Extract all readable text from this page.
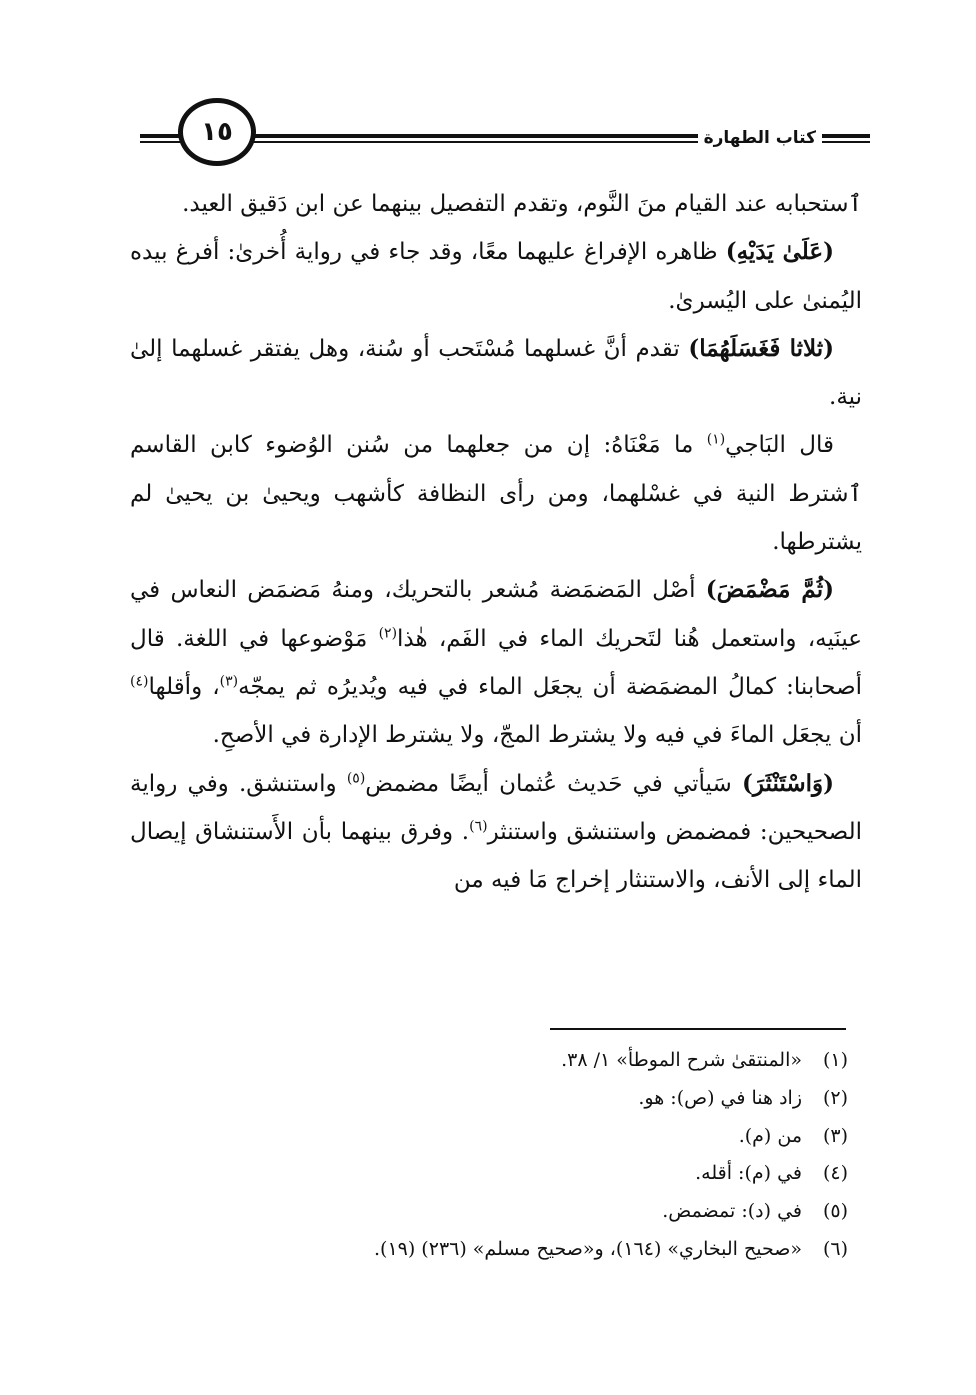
١٥	كتاب الطهارة

ٱستحبابه عند القيام منَ النَّوم، وتقدم التفصيل بينهما عن ابن دَقيق العيد.

(عَلَىٰ يَدَيْهِ) ظاهره الإفراغ عليهما معًا، وقد جاء في رواية أُخرىٰ: أفرغ بيده اليُمنىٰ على اليُسرىٰ.

(ثلاثا فَغَسَلَهُمَا) تقدم أنَّ غسلهما مُسْتَحب أو سُنة، وهل يفتقر غسلهما إلىٰ نية.

قال البَاجي$^{(١)}$ ما مَعْنَاهُ: إن من جعلهما من سُنن الوُضوء كابن القاسم ٱشترط النية في غسْلهما، ومن رأى النظافة كأشهب ويحيىٰ بن يحيىٰ لم يشترطها.

(ثُمَّ مَضْمَضَ) أصْل المَضمَضة مُشعر بالتحريك، ومنهُ مَضمَض النعاس في عينَيه، واستعمل هُنا لتَحريك الماء في الفَم، هٰذا$^{(٢)}$ مَوْضوعها في اللغة. قال أصحابنا: كمالُ المضمَضة أن يجعَل الماء في فيه ويُديرُه ثم يمجّه$^{(٣)}$، وأقلها$^{(٤)}$ أن يجعَل الماءَ في فيه ولا يشترط المجّ، ولا يشترط الإدارة في الأصحِ.

(وَاسْتَنْثَرَ) سَيأتي في حَديث عُثمان أيضًا مضمض$^{(٥)}$ واستنشق. وفي رواية الصحيحين: فمضمض واستنشق واستنثر$^{(٦)}$. وفرق بينهما بأن الأَستنشاق إيصال الماء إلى الأنف، والاستنثار إخراج مَا فيه من

(١)«المنتقىٰ شرح الموطأ» ١/ ٣٨.
(٢)زاد هنا في (ص): هو.
(٣)من (م).
(٤)في (م): أقله.
(٥)في (د): تمضمض.
(٦)«صحيح البخاري» (١٦٤)، و«صحيح مسلم» (٢٣٦) (١٩).
